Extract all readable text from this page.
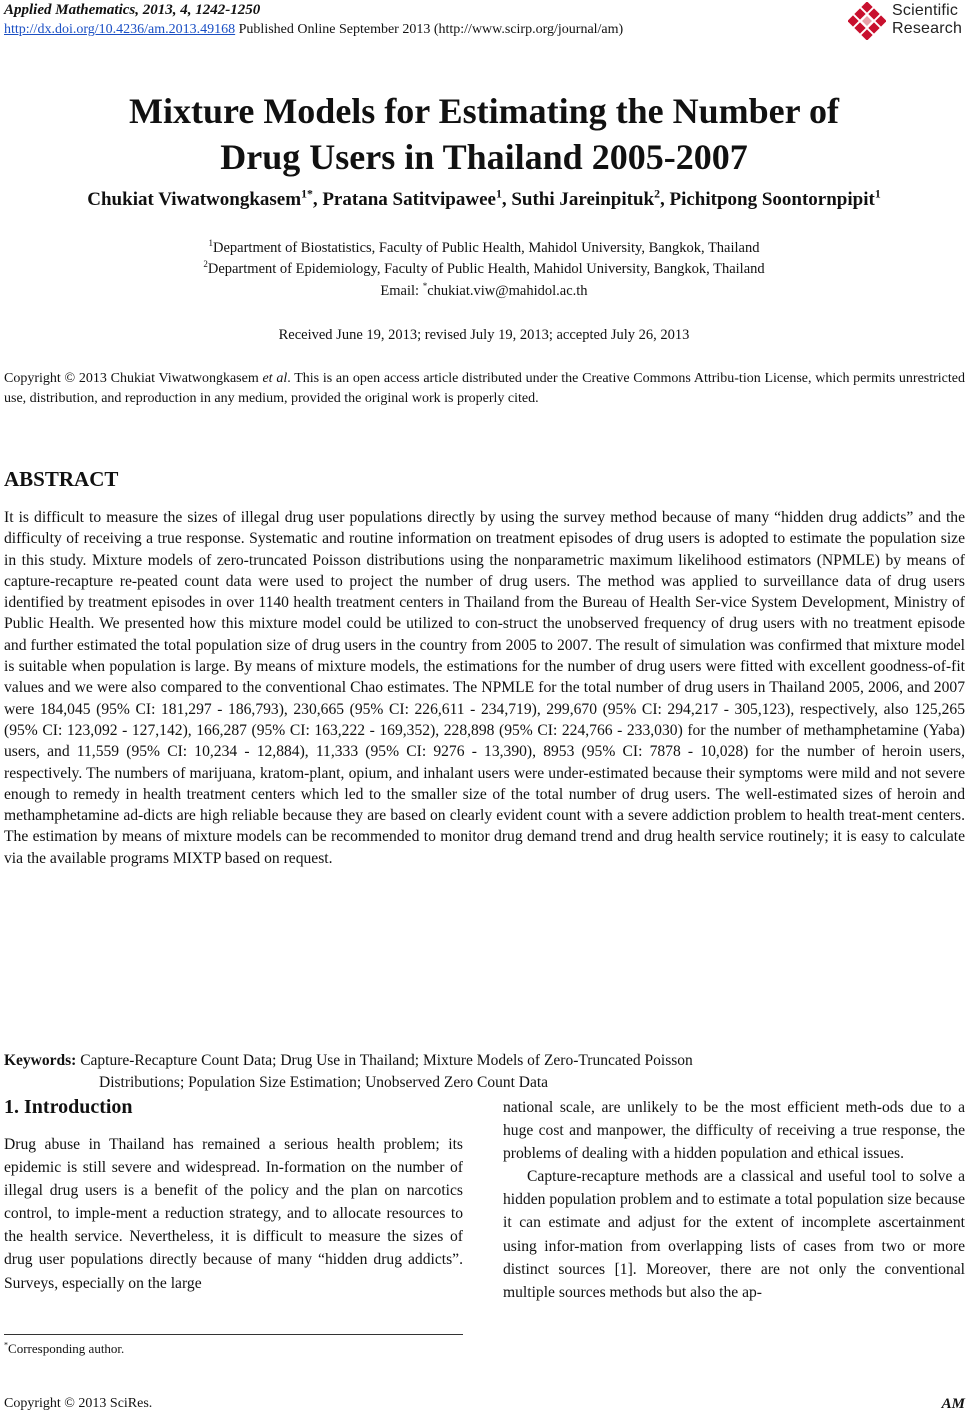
Applied Mathematics, 2013, 4, 1242-1250
http://dx.doi.org/10.4236/am.2013.49168 Published Online September 2013 (http://www.scirp.org/journal/am)
Scientific
Research
Mixture Models for Estimating the Number of
Drug Users in Thailand 2005-2007
Chukiat Viwatwongkasem$^{1*}$, Pratana Satitvipawee$^1$, Suthi Jareinpituk$^2$, Pichitpong Soontornpipit$^1$
$^1$Department of Biostatistics, Faculty of Public Health, Mahidol University, Bangkok, Thailand
$^2$Department of Epidemiology, Faculty of Public Health, Mahidol University, Bangkok, Thailand
Email: *chukiat.viw@mahidol.ac.th
Received June 19, 2013; revised July 19, 2013; accepted July 26, 2013
Copyright © 2013 Chukiat Viwatwongkasem et al. This is an open access article distributed under the Creative Commons Attribu-tion License, which permits unrestricted use, distribution, and reproduction in any medium, provided the original work is properly cited.
ABSTRACT
It is difficult to measure the sizes of illegal drug user populations directly by using the survey method because of many “hidden drug addicts” and the difficulty of receiving a true response. Systematic and routine information on treatment episodes of drug users is adopted to estimate the population size in this study. Mixture models of zero-truncated Poisson distributions using the nonparametric maximum likelihood estimators (NPMLE) by means of capture-recapture re-peated count data were used to project the number of drug users. The method was applied to surveillance data of drug users identified by treatment episodes in over 1140 health treatment centers in Thailand from the Bureau of Health Ser-vice System Development, Ministry of Public Health. We presented how this mixture model could be utilized to con-struct the unobserved frequency of drug users with no treatment episode and further estimated the total population size of drug users in the country from 2005 to 2007. The result of simulation was confirmed that mixture model is suitable when population is large. By means of mixture models, the estimations for the number of drug users were fitted with excellent goodness-of-fit values and we were also compared to the conventional Chao estimates. The NPMLE for the total number of drug users in Thailand 2005, 2006, and 2007 were 184,045 (95% CI: 181,297 - 186,793), 230,665 (95% CI: 226,611 - 234,719), 299,670 (95% CI: 294,217 - 305,123), respectively, also 125,265 (95% CI: 123,092 - 127,142), 166,287 (95% CI: 163,222 - 169,352), 228,898 (95% CI: 224,766 - 233,030) for the number of methamphetamine (Yaba) users, and 11,559 (95% CI: 10,234 - 12,884), 11,333 (95% CI: 9276 - 13,390), 8953 (95% CI: 7878 - 10,028) for the number of heroin users, respectively. The numbers of marijuana, kratom-plant, opium, and inhalant users were under-estimated because their symptoms were mild and not severe enough to remedy in health treatment centers which led to the smaller size of the total number of drug users. The well-estimated sizes of heroin and methamphetamine ad-dicts are high reliable because they are based on clearly evident count with a severe addiction problem to health treat-ment centers. The estimation by means of mixture models can be recommended to monitor drug demand trend and drug health service routinely; it is easy to calculate via the available programs MIXTP based on request.
Keywords: Capture-Recapture Count Data; Drug Use in Thailand; Mixture Models of Zero-Truncated Poisson
Distributions; Population Size Estimation; Unobserved Zero Count Data
1. Introduction

Drug abuse in Thailand has remained a serious health problem; its epidemic is still severe and widespread. In-formation on the number of illegal drug users is a benefit of the policy and the plan on narcotics control, to imple-ment a reduction strategy, and to allocate resources to the health service. Nevertheless, it is difficult to measure the sizes of drug user populations directly because of many “hidden drug addicts”. Surveys, especially on the large

national scale, are unlikely to be the most efficient meth-ods due to a huge cost and manpower, the difficulty of receiving a true response, the problems of dealing with a hidden population and ethical issues.

Capture-recapture methods are a classical and useful tool to solve a hidden population problem and to estimate a total population size because it can estimate and adjust for the extent of incomplete ascertainment using infor-mation from overlapping lists of cases from two or more distinct sources [1]. Moreover, there are not only the conventional multiple sources methods but also the ap-

*Corresponding author.
Copyright © 2013 SciRes.	AM
